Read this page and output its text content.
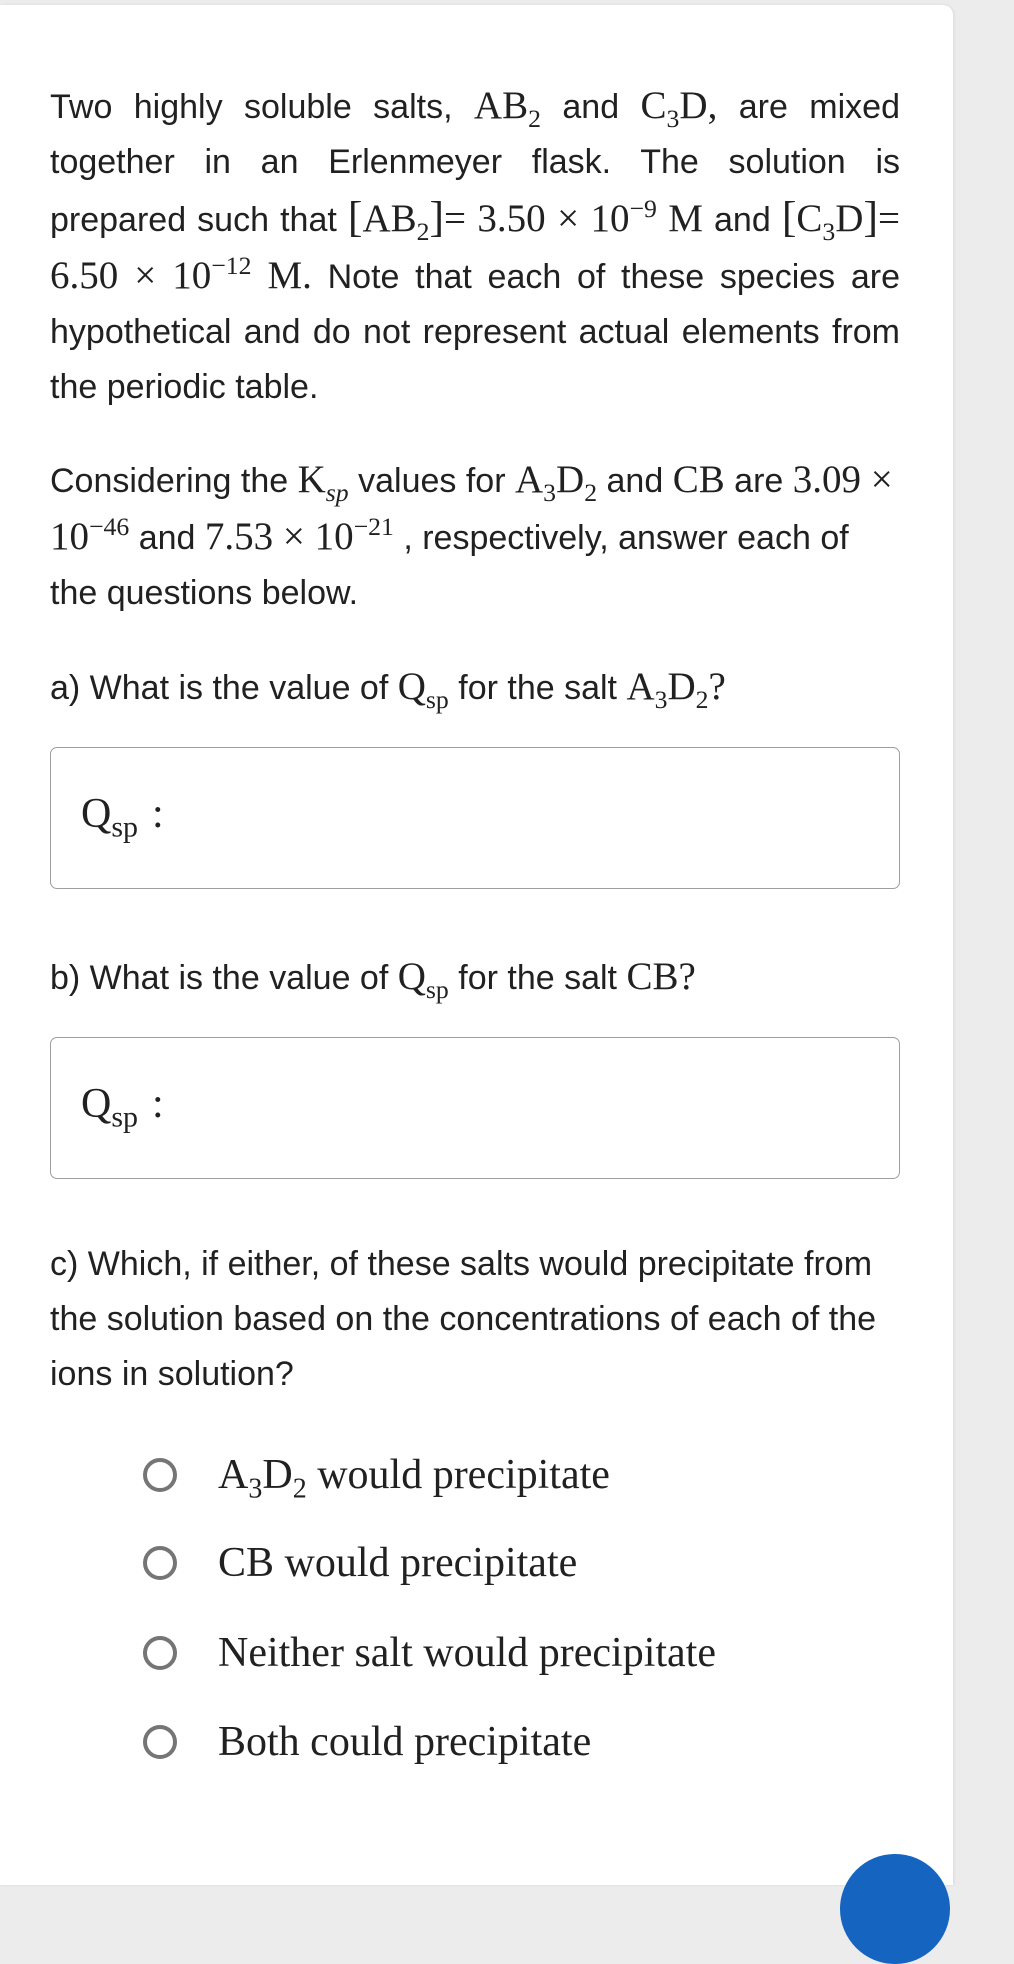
Two highly soluble salts, $AB_2$ and $C_3D$, are mixed together in an Erlenmeyer flask. The solution is prepared such that $[AB_2]= 3.50 \times 10^{-9}$ M and $[C_3D]= 6.50 \times 10^{-12}$ M. Note that each of these species are hypothetical and do not represent actual elements from the periodic table.

Considering the $K_{sp}$ values for $A_3D_2$ and CB are $3.09 \times 10^{-46}$ and $7.53 \times 10^{-21}$ , respectively, answer each of the questions below.

a) What is the value of $Q_{sp}$ for the salt $A_3D_2$?

b) What is the value of $Q_{sp}$ for the salt CB?

c) Which, if either, of these salts would precipitate from the solution based on the concentrations of each of the ions in solution?

$Q_{sp}$ :
$Q_{sp}$ :
$A_3D_2$ would precipitate
CB would precipitate
Neither salt would precipitate
Both could precipitate
